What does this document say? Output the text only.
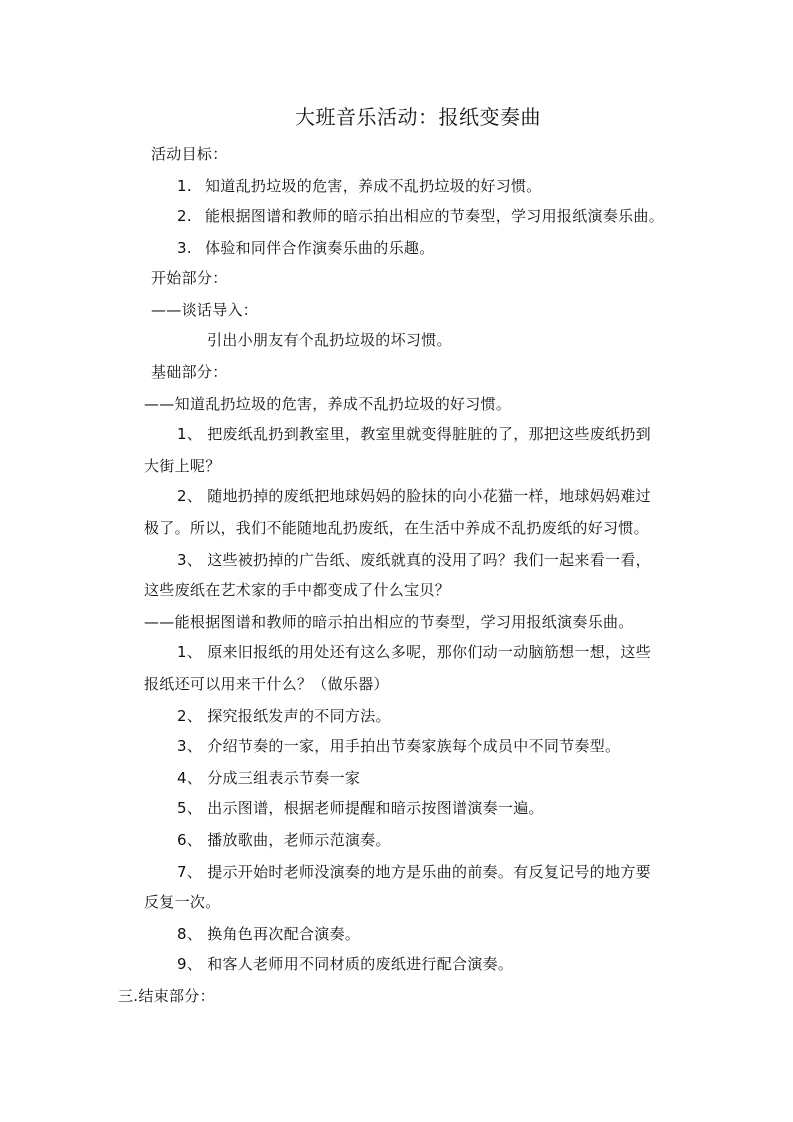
大班音乐活动：报纸变奏曲
活动目标：
1. 知道乱扔垃圾的危害，养成不乱扔垃圾的好习惯。
2. 能根据图谱和教师的暗示拍出相应的节奏型，学习用报纸演奏乐曲。
3. 体验和同伴合作演奏乐曲的乐趣。
开始部分：
——谈话导入：
引出小朋友有个乱扔垃圾的坏习惯。
基础部分：
——知道乱扔垃圾的危害，养成不乱扔垃圾的好习惯。
1、 把废纸乱扔到教室里，教室里就变得脏脏的了，那把这些废纸扔到
大街上呢？
2、 随地扔掉的废纸把地球妈妈的脸抹的向小花猫一样，地球妈妈难过
极了。所以，我们不能随地乱扔废纸，在生活中养成不乱扔废纸的好习惯。
3、 这些被扔掉的广告纸、废纸就真的没用了吗？我们一起来看一看，
这些废纸在艺术家的手中都变成了什么宝贝？
——能根据图谱和教师的暗示拍出相应的节奏型，学习用报纸演奏乐曲。
1、 原来旧报纸的用处还有这么多呢，那你们动一动脑筋想一想，这些
报纸还可以用来干什么？（做乐器）
2、 探究报纸发声的不同方法。
3、 介绍节奏的一家，用手拍出节奏家族每个成员中不同节奏型。
4、 分成三组表示节奏一家
5、 出示图谱，根据老师提醒和暗示按图谱演奏一遍。
6、 播放歌曲，老师示范演奏。
7、 提示开始时老师没演奏的地方是乐曲的前奏。有反复记号的地方要
反复一次。
8、 换角色再次配合演奏。
9、 和客人老师用不同材质的废纸进行配合演奏。
三.结束部分：
